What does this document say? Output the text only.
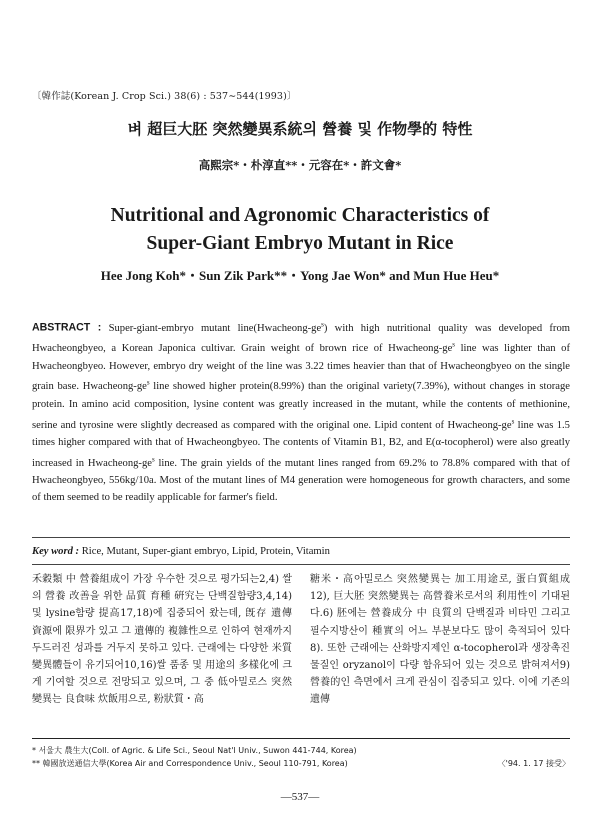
〔韓作誌(Korean J. Crop Sci.) 38(6) : 537∼544(1993)〕
벼 超巨大胚 突然變異系統의 營養 및 作物學的 特性
高熙宗*・朴淳直**・元容在*・許文會*
Nutritional and Agronomic Characteristics of
Super-Giant Embryo Mutant in Rice
Hee Jong Koh*・Sun Zik Park**・Yong Jae Won* and Mun Hue Heu*
ABSTRACT : Super-giant-embryo mutant $line(Hwacheong-ge^s)$ with high nutritional quality was developed from Hwacheongbyeo, a Korean Japonica cultivar. Grain weight of brown rice of Hwacheong-$ge^s$ line was lighter than of Hwacheongbyeo. However, embryo dry weight of the line was 3.22 times heavier than that of Hwacheongbyeo on the single grain base. Hwacheong-$ge^s$ line showed higher protein(8.99%) than the original variety(7.39%), without changes in storage protein. In amino acid composition, lysine content was greatly increased in the mutant, while the contents of methionine, serine and tyrosine were slightly decreased as compared with the original one. Lipid content of Hwacheong-$ge^s$ line was 1.5 times higher compared with that of Hwacheongbyeo. The contents of Vitamin B1, B2, and E(α-tocopherol) were also greatly increased in Hwacheong-$ge^s$ line. The grain yields of the mutant lines ranged from 69.2% to 78.8% compared with that of Hwacheongbyeo, 556kg/10a. Most of the mutant lines of M4 generation were homogeneous for growth characters, and some of them seemed to be readily applicable for farmer's field.
Key word : Rice, Mutant, Super-giant embryo, Lipid, Protein, Vitamin
禾穀類 中 營養組成이 가장 우수한 것으로 평가되는2,4) 쌀의 營養 改善을 위한 品質 育種 硏究는 단백질함량3,4,14) 및 lysine함량 提高17,18)에 집중되어 왔는데, 旣存 遺傳資源에 限界가 있고 그 遺傳的 複雜性으로 인하여 현재까지 두드러진 성과를 거두지 못하고 있다. 근래에는 다양한 米質 變異體들이 유기되어10,16)쌀 품종 및 用途의 多樣化에 크게 기여할 것으로 전망되고 있으며, 그 중 低아밀로스 突然變異는 良食味 炊飯用으로, 粉狀質・高
糖米・高아밀로스 突然變異는 加工用途로, 蛋白質組成12), 巨大胚 突然變異는 高營養米로서의 利用性이 기대된다.6) 胚에는 營養成分 中 良質의 단백질과 비타민 그리고 필수지방산이 種實의 어느 부분보다도 많이 축적되어 있다8). 또한 근래에는 산화방지제인 α-tocopherol과 생장촉진물질인 oryzanol이 다량 함유되어 있는 것으로 밝혀져서9) 營養的인 측면에서 크게 관심이 집중되고 있다. 이에 기존의 遺傳
* 서울大 農生大(Coll. of Agric. & Life Sci., Seoul Nat'l Univ., Suwon 441-744, Korea)
** 韓國放送通信大學(Korea Air and Correspondence Univ., Seoul 110-791, Korea)	〈'94. 1. 17 接受〉
—537—
